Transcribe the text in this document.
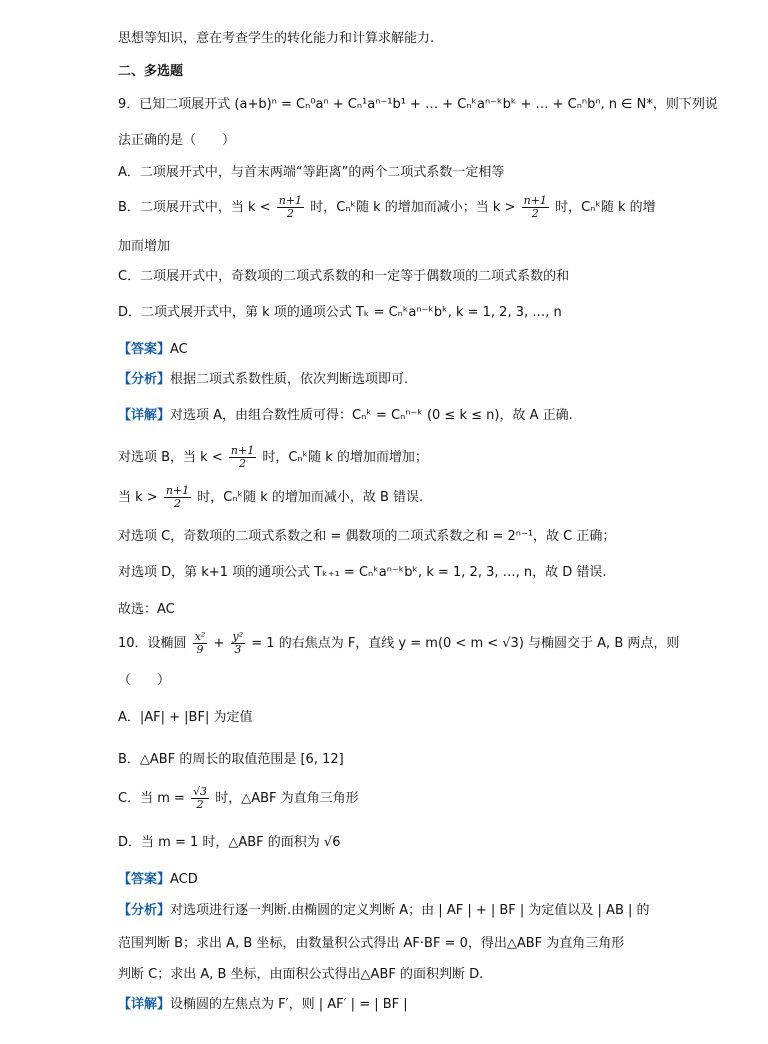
思想等知识，意在考查学生的转化能力和计算求解能力.
二、多选题
9．已知二项展开式 (a+b)ⁿ = Cₙ⁰aⁿ + Cₙ¹aⁿ⁻¹b¹ + … + Cₙᵏaⁿ⁻ᵏbᵏ + … + Cₙⁿbⁿ, n ∈ N*，则下列说
法正确的是（　　）
A．二项展开式中，与首末两端“等距离”的两个二项式系数一定相等
B．二项展开式中，当 $k < \frac{n+1}{2}$ 时，Cₙᵏ随 k 的增加而减小；当 $k > \frac{n+1}{2}$ 时，Cₙᵏ随 k 的增
加而增加
C．二项展开式中，奇数项的二项式系数的和一定等于偶数项的二项式系数的和
D．二项式展开式中，第 k 项的通项公式 Tₖ = Cₙᵏaⁿ⁻ᵏbᵏ, k = 1, 2, 3, …, n
【答案】AC
【分析】根据二项式系数性质，依次判断选项即可.
【详解】对选项 A，由组合数性质可得：Cₙᵏ = Cₙⁿ⁻ᵏ (0 ≤ k ≤ n)，故 A 正确.
对选项 B，当 $k < \frac{n+1}{2}$ 时，Cₙᵏ随 k 的增加而增加；
当 $k > \frac{n+1}{2}$ 时，Cₙᵏ随 k 的增加而减小，故 B 错误.
对选项 C，奇数项的二项式系数之和 = 偶数项的二项式系数之和 = 2ⁿ⁻¹，故 C 正确；
对选项 D，第 k+1 项的通项公式 Tₖ₊₁ = Cₙᵏaⁿ⁻ᵏbᵏ, k = 1, 2, 3, …, n，故 D 错误.
故选：AC
10．设椭圆 $\frac{\text{x²}}{9} + \frac{\text{y²}}{3} = 1$ 的右焦点为 F，直线 y = m(0 < m < √3) 与椭圆交于 A, B 两点，则
（　　）
A．|AF| + |BF| 为定值
B．△ABF 的周长的取值范围是 [6, 12]
C．当 $m = \frac{√3}{2}$ 时，△ABF 为直角三角形
D．当 m = 1 时，△ABF 的面积为 √6
【答案】ACD
【分析】对选项进行逐一判断.由椭圆的定义判断 A；由 | AF | + | BF | 为定值以及 | AB | 的
范围判断 B；求出 A, B 坐标，由数量积公式得出 AF·BF = 0，得出△ABF 为直角三角形
判断 C；求出 A, B 坐标，由面积公式得出△ABF 的面积判断 D.
【详解】设椭圆的左焦点为 F′，则 | AF′ | = | BF |
